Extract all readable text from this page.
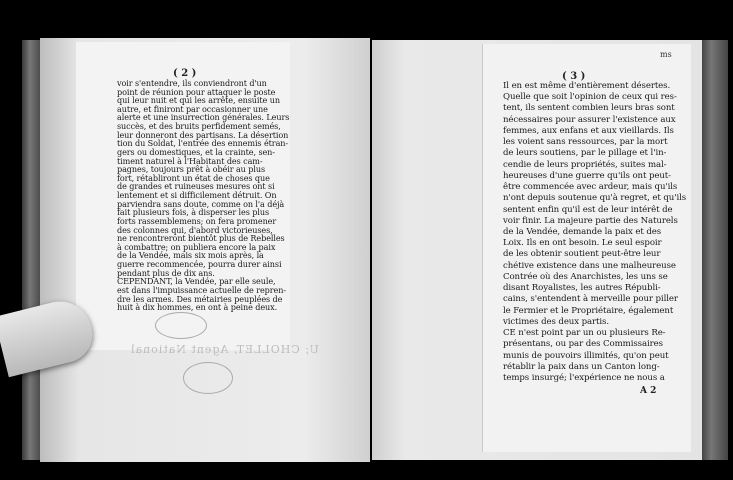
( 2 )	( 3 )
ms
voir s'entendre, ils conviendront d'un
point de réunion pour attaquer le poste
qui leur nuit et qui les arrête, ensuite un
autre, et finiront par occasionner une
alerte et une insurrection générales. Leurs
succès, et des bruits perfidement semés,
leur donneront des partisans. La désertion
tion du Soldat, l'entrée des ennemis étran-
gers ou domestiques, et la crainte, sen-
timent naturel à l'Habitant des cam-
pagnes, toujours prêt à obéir au plus
fort, rétabliront un état de choses que
de grandes et ruineuses mesures ont si
lentement et si difficilement détruit. On
parviendra sans doute, comme on l'a déjà
fait plusieurs fois, à disperser les plus
forts rassemblemens; on fera promener
des colonnes qui, d'abord victorieuses,
ne rencontreront bientôt plus de Rebelles
à combattre; on publiera encore la paix
de la Vendée, mais six mois après, la
guerre recommencée, pourra durer ainsi
pendant plus de dix ans.
CEPENDANT, la Vendée, par elle seule,
est dans l'impuissance actuelle de repren-
dre les armes. Des métairies peuplées de
huit à dix hommes, en ont à peine deux.
Il en est même d'entièrement désertes.
Quelle que soit l'opinion de ceux qui res-
tent, ils sentent combien leurs bras sont
nécessaires pour assurer l'existence aux
femmes, aux enfans et aux vieillards. Ils
les voient sans ressources, par la mort
de leurs soutiens, par le pillage et l'in-
cendie de leurs propriétés, suites mal-
heureuses d'une guerre qu'ils ont peut-
être commencée avec ardeur, mais qu'ils
n'ont depuis soutenue qu'à regret, et qu'ils
sentent enfin qu'il est de leur intérêt de
voir finir. La majeure partie des Naturels
de la Vendée, demande la paix et des
Loix. Ils en ont besoin. Le seul espoir
de les obtenir soutient peut-être leur
chétive existence dans une malheureuse
Contrée où des Anarchistes, les uns se
disant Royalistes, les autres Républi-
cains, s'entendent à merveille pour piller
le Fermier et le Propriétaire, également
victimes des deux partis.
CE n'est point par un ou plusieurs Re-
présentans, ou par des Commissaires
munis de pouvoirs illimités, qu'on peut
rétablir la paix dans un Canton long-
temps insurgé; l'expérience ne nous a
A 2
U; CHOLLET, Agent National
